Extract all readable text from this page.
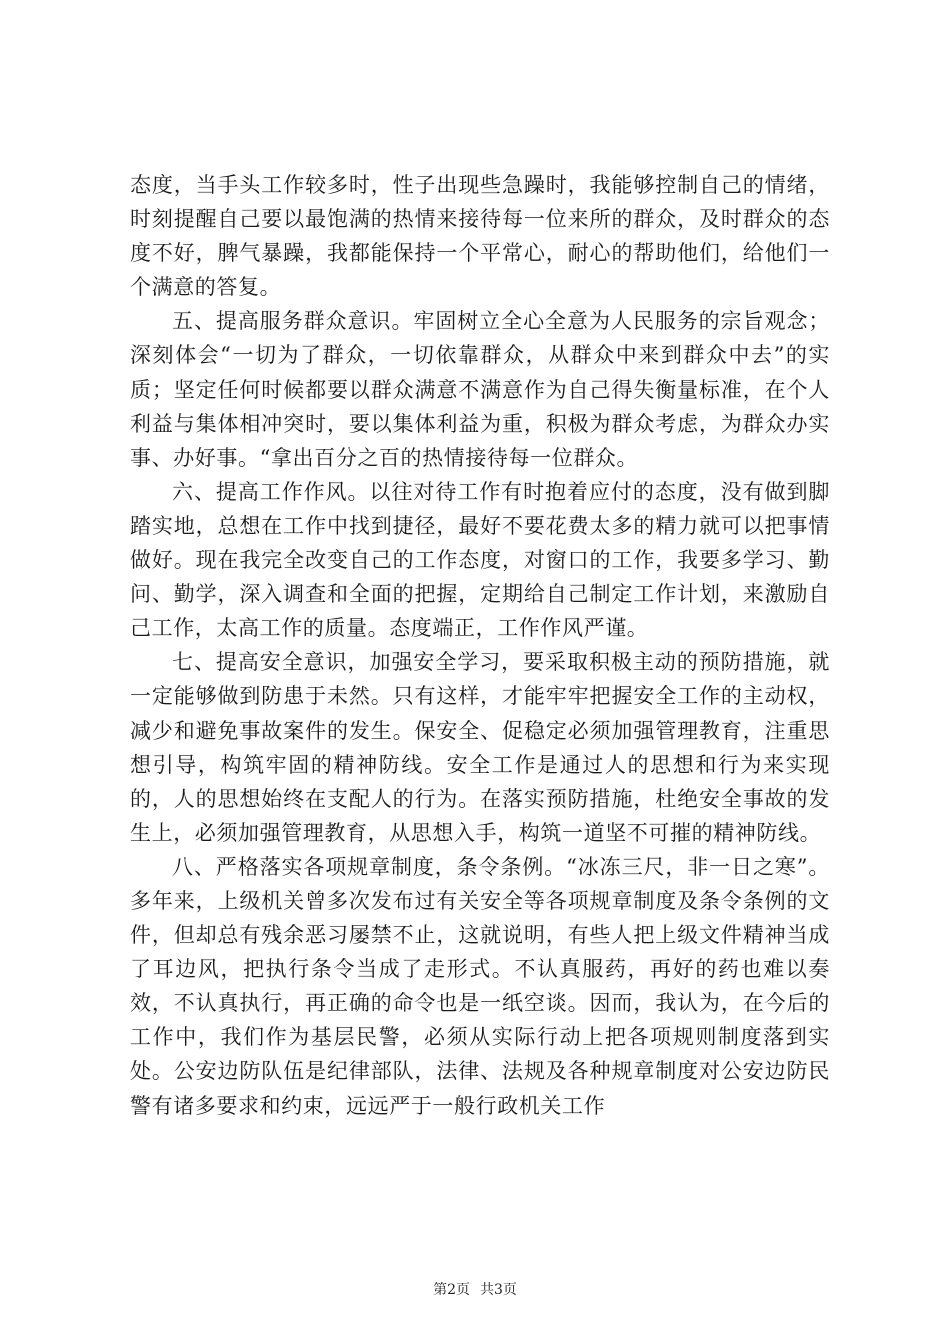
态度，当手头工作较多时，性子出现些急躁时，我能够控制自己的情绪，时刻提醒自己要以最饱满的热情来接待每一位来所的群众，及时群众的态度不好，脾气暴躁，我都能保持一个平常心，耐心的帮助他们，给他们一个满意的答复。

五、提高服务群众意识。牢固树立全心全意为人民服务的宗旨观念；深刻体会“一切为了群众，一切依靠群众，从群众中来到群众中去”的实质；坚定任何时候都要以群众满意不满意作为自己得失衡量标准，在个人利益与集体相冲突时，要以集体利益为重，积极为群众考虑，为群众办实事、办好事。“拿出百分之百的热情接待每一位群众。

六、提高工作作风。以往对待工作有时抱着应付的态度，没有做到脚踏实地，总想在工作中找到捷径，最好不要花费太多的精力就可以把事情做好。现在我完全改变自己的工作态度，对窗口的工作，我要多学习、勤问、勤学，深入调查和全面的把握，定期给自己制定工作计划，来激励自己工作，太高工作的质量。态度端正，工作作风严谨。

七、提高安全意识，加强安全学习，要采取积极主动的预防措施，就一定能够做到防患于未然。只有这样，才能牢牢把握安全工作的主动权，减少和避免事故案件的发生。保安全、促稳定必须加强管理教育，注重思想引导，构筑牢固的精神防线。安全工作是通过人的思想和行为来实现的，人的思想始终在支配人的行为。在落实预防措施，杜绝安全事故的发生上，必须加强管理教育，从思想入手，构筑一道坚不可摧的精神防线。

八、严格落实各项规章制度，条令条例。“冰冻三尺，非一日之寒”。多年来，上级机关曾多次发布过有关安全等各项规章制度及条令条例的文件，但却总有残余恶习屡禁不止，这就说明，有些人把上级文件精神当成了耳边风，把执行条令当成了走形式。不认真服药，再好的药也难以奏效，不认真执行，再正确的命令也是一纸空谈。因而，我认为，在今后的工作中，我们作为基层民警，必须从实际行动上把各项规则制度落到实处。公安边防队伍是纪律部队，法律、法规及各种规章制度对公安边防民警有诸多要求和约束，远远严于一般行政机关工作

第2页 共3页
